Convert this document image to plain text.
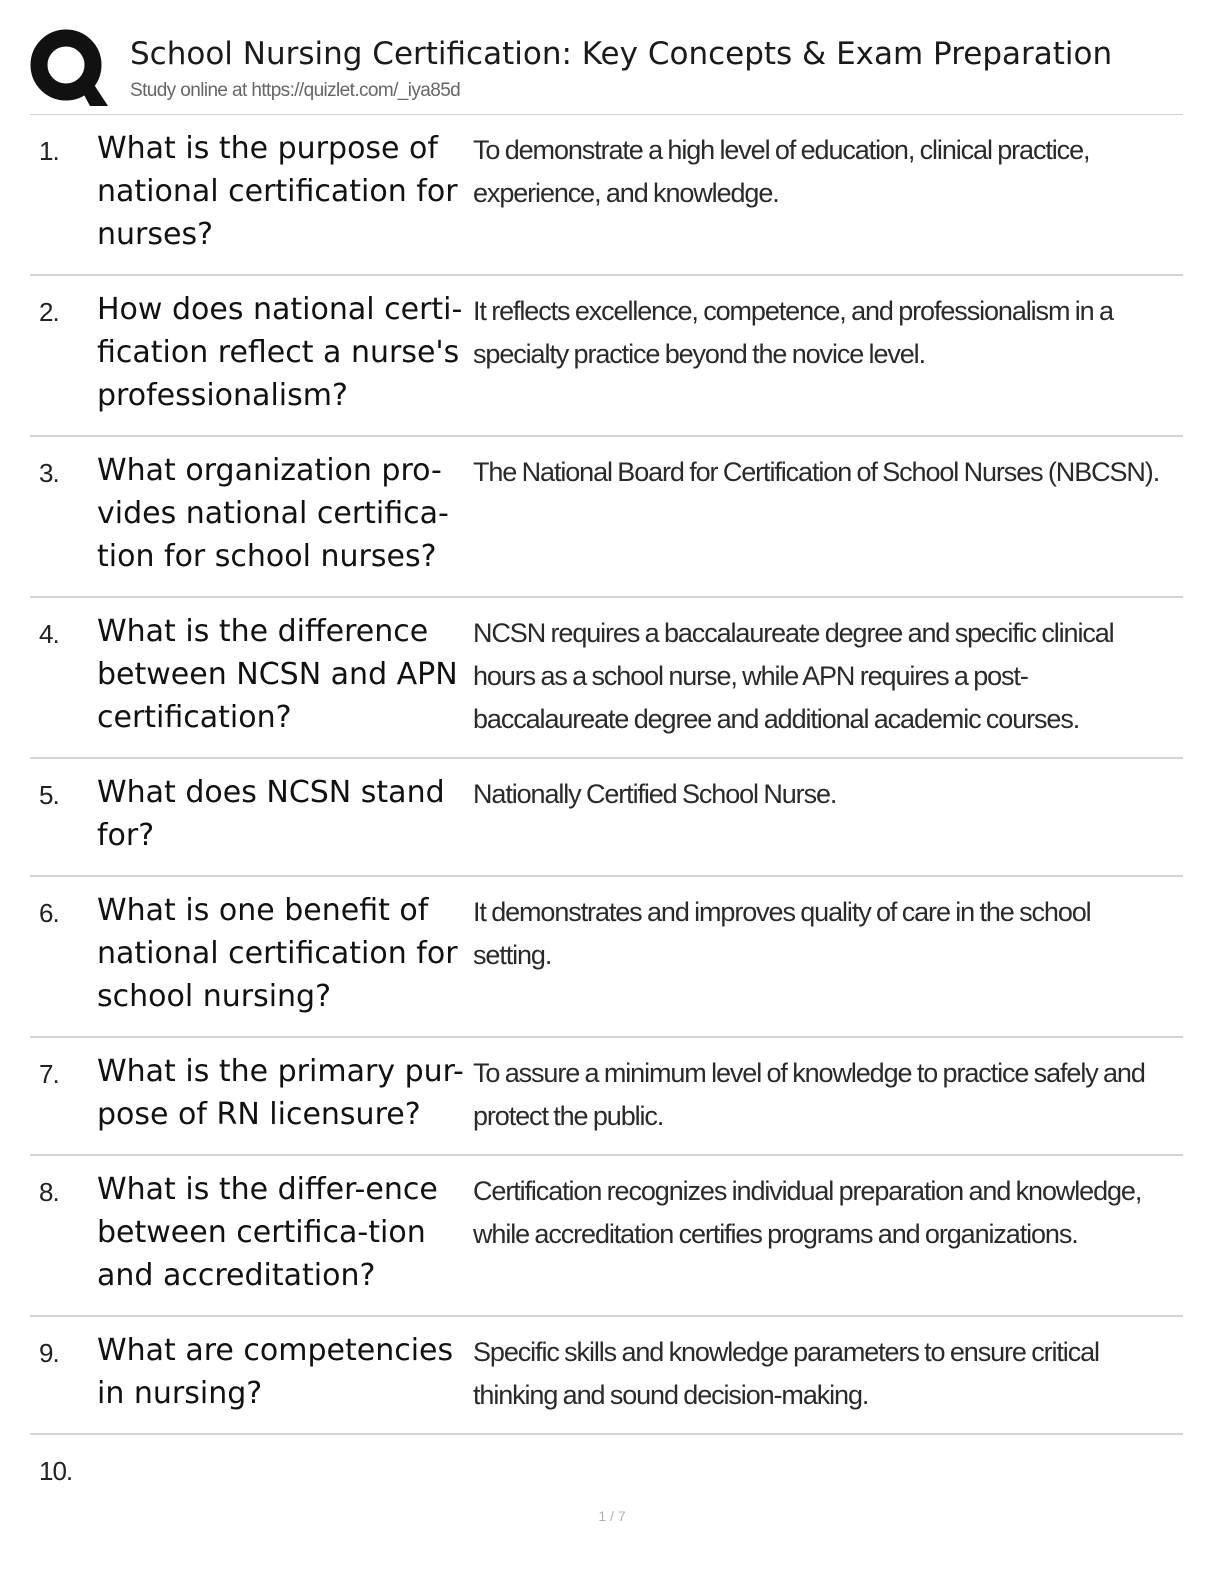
School Nursing Certification: Key Concepts & Exam Preparation
Study online at https://quizlet.com/_iya85d
1. What is the purpose of national certification for nurses?
To demonstrate a high level of education, clinical practice, experience, and knowledge.
2. How does national certi-fication reflect a nurse's professionalism?
It reflects excellence, competence, and professionalism in a specialty practice beyond the novice level.
3. What organization pro-vides national certifica-tion for school nurses?
The National Board for Certification of School Nurses (NBCSN).
4. What is the difference between NCSN and APN certification?
NCSN requires a baccalaureate degree and specific clinical hours as a school nurse, while APN requires a post-baccalaureate degree and additional academic courses.
5. What does NCSN stand for?
Nationally Certified School Nurse.
6. What is one benefit of national certification for school nursing?
It demonstrates and improves quality of care in the school setting.
7. What is the primary pur-pose of RN licensure?
To assure a minimum level of knowledge to practice safely and protect the public.
8. What is the differ-ence between certifica-tion and accreditation?
Certification recognizes individual preparation and knowledge, while accreditation certifies programs and organizations.
9. What are competencies in nursing?
Specific skills and knowledge parameters to ensure critical thinking and sound decision-making.
10.
1 / 7
